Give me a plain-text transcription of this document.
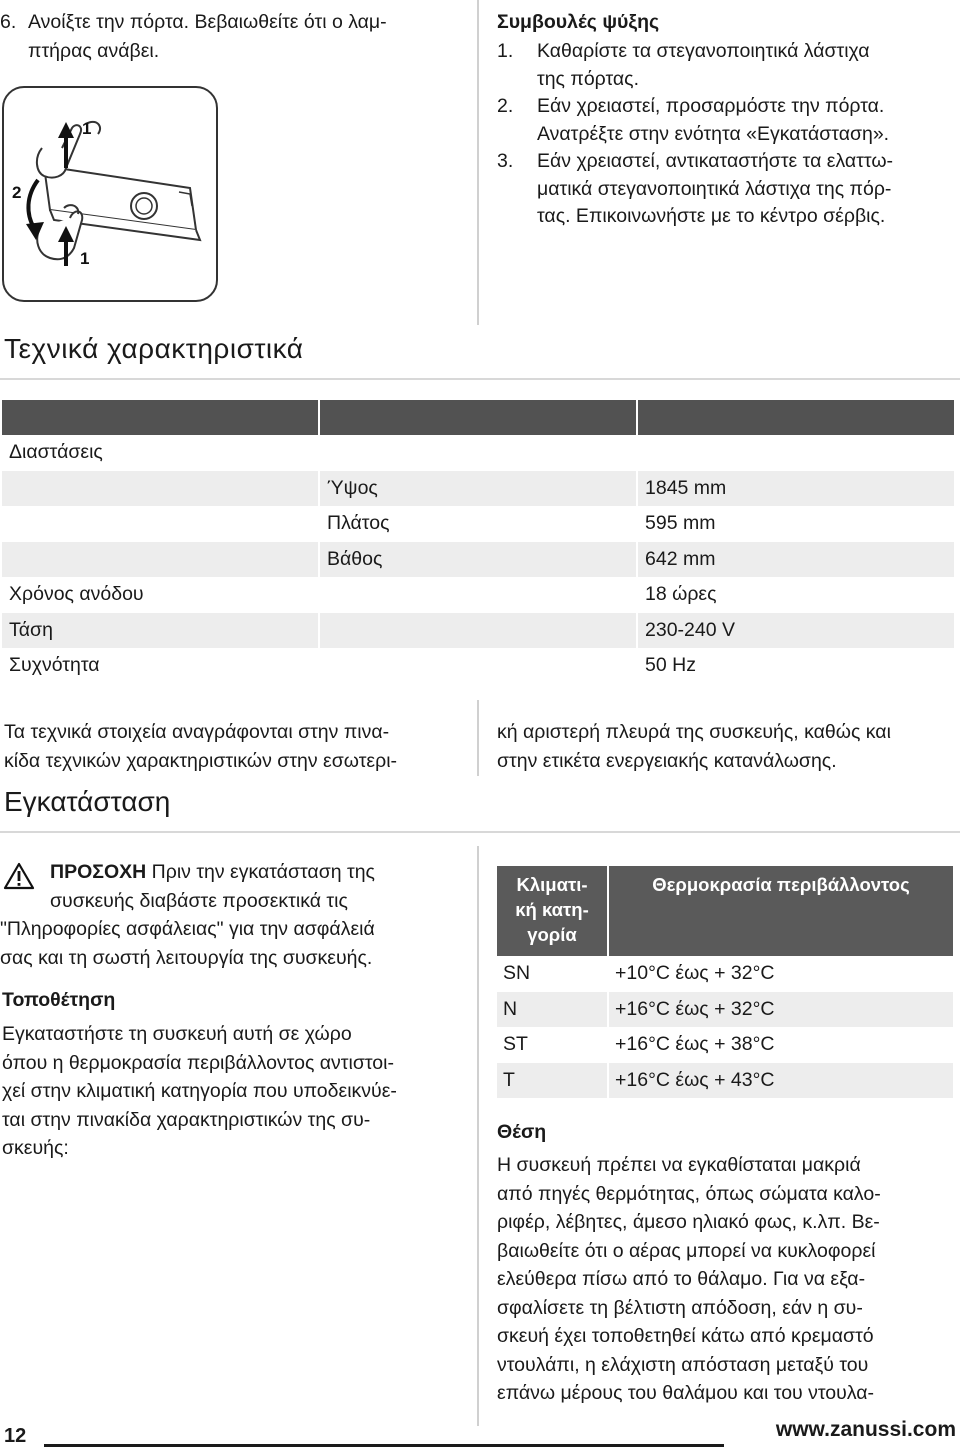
6. Ανοίξτε την πόρτα. Βεβαιωθείτε ότι ο λαμ-
πτήρας ανάβει.
1
2
1
Συμβουλές ψύξης
1. Καθαρίστε τα στεγανοποιητικά λάστιχα
της πόρτας.
2. Εάν χρειαστεί, προσαρμόστε την πόρτα.
Ανατρέξτε στην ενότητα «Εγκατάσταση».
3. Εάν χρειαστεί, αντικαταστήστε τα ελαττω-
ματικά στεγανοποιητικά λάστιχα της πόρ-
τας. Επικοινωνήστε με το κέντρο σέρβις.
Τεχνικά χαρακτηριστικά

Διαστάσεις		
	Ύψος	1845 mm
	Πλάτος	595 mm
	Βάθος	642 mm
Χρόνος ανόδου		18 ώρες
Τάση		230-240 V
Συχνότητα		50 Hz
Τα τεχνικά στοιχεία αναγράφονται στην πινα-
κίδα τεχνικών χαρακτηριστικών στην εσωτερι-
κή αριστερή πλευρά της συσκευής, καθώς και
στην ετικέτα ενεργειακής κατανάλωσης.
Εγκατάσταση
ΠΡΟΣΟΧΗ Πριν την εγκατάσταση της
συσκευής διαβάστε προσεκτικά τις
"Πληροφορίες ασφάλειας" για την ασφάλειά
σας και τη σωστή λειτουργία της συσκευής.
Τοποθέτηση
Εγκαταστήστε τη συσκευή αυτή σε χώρο
όπου η θερμοκρασία περιβάλλοντος αντιστοι-
χεί στην κλιματική κατηγορία που υποδεικνύε-
ται στην πινακίδα χαρακτηριστικών της συ-
σκευής:
Κλιματι-
κή κατη-
γορία	Θερμοκρασία περιβάλλοντος
SN	+10°C έως + 32°C
N	+16°C έως + 32°C
ST	+16°C έως + 38°C
T	+16°C έως + 43°C
Θέση
Η συσκευή πρέπει να εγκαθίσταται μακριά
από πηγές θερμότητας, όπως σώματα καλο-
ριφέρ, λέβητες, άμεσο ηλιακό φως, κ.λπ. Βε-
βαιωθείτε ότι ο αέρας μπορεί να κυκλοφορεί
ελεύθερα πίσω από το θάλαμο. Για να εξα-
σφαλίσετε τη βέλτιστη απόδοση, εάν η συ-
σκευή έχει τοποθετηθεί κάτω από κρεμαστό
ντουλάπι, η ελάχιστη απόσταση μεταξύ του
επάνω μέρους του θαλάμου και του ντουλα-
12	www.zanussi.com
